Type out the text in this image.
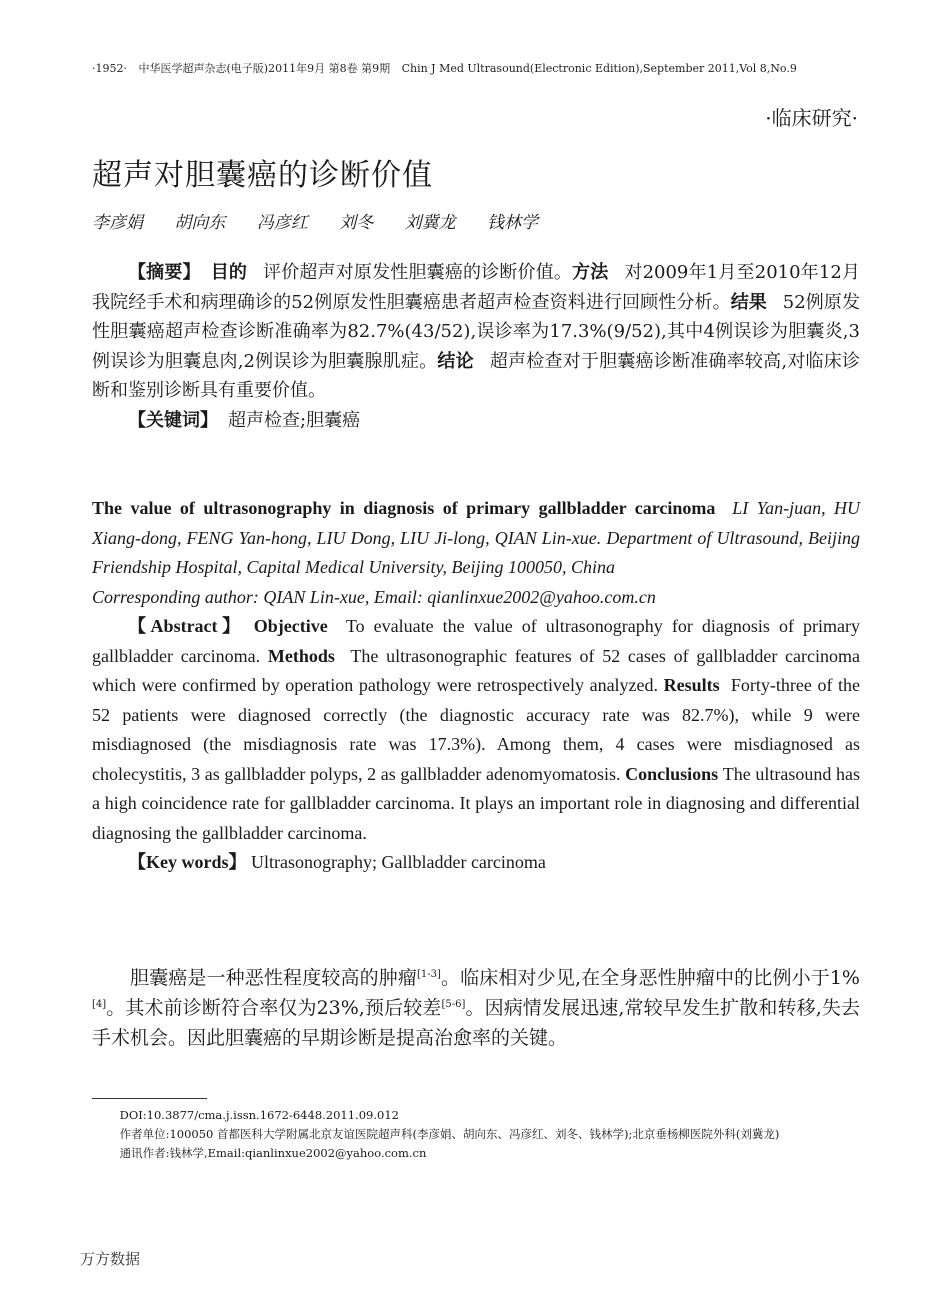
·1952· 中华医学超声杂志(电子版)2011年9月 第8卷 第9期 Chin J Med Ultrasound(Electronic Edition),September 2011,Vol 8,No.9
·临床研究·
超声对胆囊癌的诊断价值
李彦娟 胡向东 冯彦红 刘冬 刘冀龙 钱林学

【摘要】 目的 评价超声对原发性胆囊癌的诊断价值。方法 对2009年1月至2010年12月我院经手术和病理确诊的52例原发性胆囊癌患者超声检查资料进行回顾性分析。结果 52例原发性胆囊癌超声检查诊断准确率为82.7%(43/52),误诊率为17.3%(9/52),其中4例误诊为胆囊炎,3例误诊为胆囊息肉,2例误诊为胆囊腺肌症。结论 超声检查对于胆囊癌诊断准确率较高,对临床诊断和鉴别诊断具有重要价值。

【关键词】 超声检查;胆囊癌

The value of ultrasonography in diagnosis of primary gallbladder carcinoma LI Yan-juan, HU Xiang-dong, FENG Yan-hong, LIU Dong, LIU Ji-long, QIAN Lin-xue. Department of Ultrasound, Beijing Friendship Hospital, Capital Medical University, Beijing 100050, China

Corresponding author: QIAN Lin-xue, Email: qianlinxue2002@yahoo.com.cn

【Abstract】 Objective To evaluate the value of ultrasonography for diagnosis of primary gallbladder carcinoma. Methods The ultrasonographic features of 52 cases of gallbladder carcinoma which were confirmed by operation pathology were retrospectively analyzed. Results Forty-three of the 52 patients were diagnosed correctly (the diagnostic accuracy rate was 82.7%), while 9 were misdiagnosed (the misdiagnosis rate was 17.3%). Among them, 4 cases were misdiagnosed as cholecystitis, 3 as gallbladder polyps, 2 as gallbladder adenomyomatosis. Conclusions The ultrasound has a high coincidence rate for gallbladder carcinoma. It plays an important role in diagnosing and differential diagnosing the gallbladder carcinoma.

【Key words】 Ultrasonography; Gallbladder carcinoma

胆囊癌是一种恶性程度较高的肿瘤[1-3]。临床相对少见,在全身恶性肿瘤中的比例小于1%[4]。其术前诊断符合率仅为23%,预后较差[5-6]。因病情发展迅速,常较早发生扩散和转移,失去手术机会。因此胆囊癌的早期诊断是提高治愈率的关键。

DOI:10.3877/cma.j.issn.1672-6448.2011.09.012

作者单位:100050 首都医科大学附属北京友谊医院超声科(李彦娟、胡向东、冯彦红、刘冬、钱林学);北京垂杨柳医院外科(刘冀龙)

通讯作者:钱林学,Email:qianlinxue2002@yahoo.com.cn

万方数据
